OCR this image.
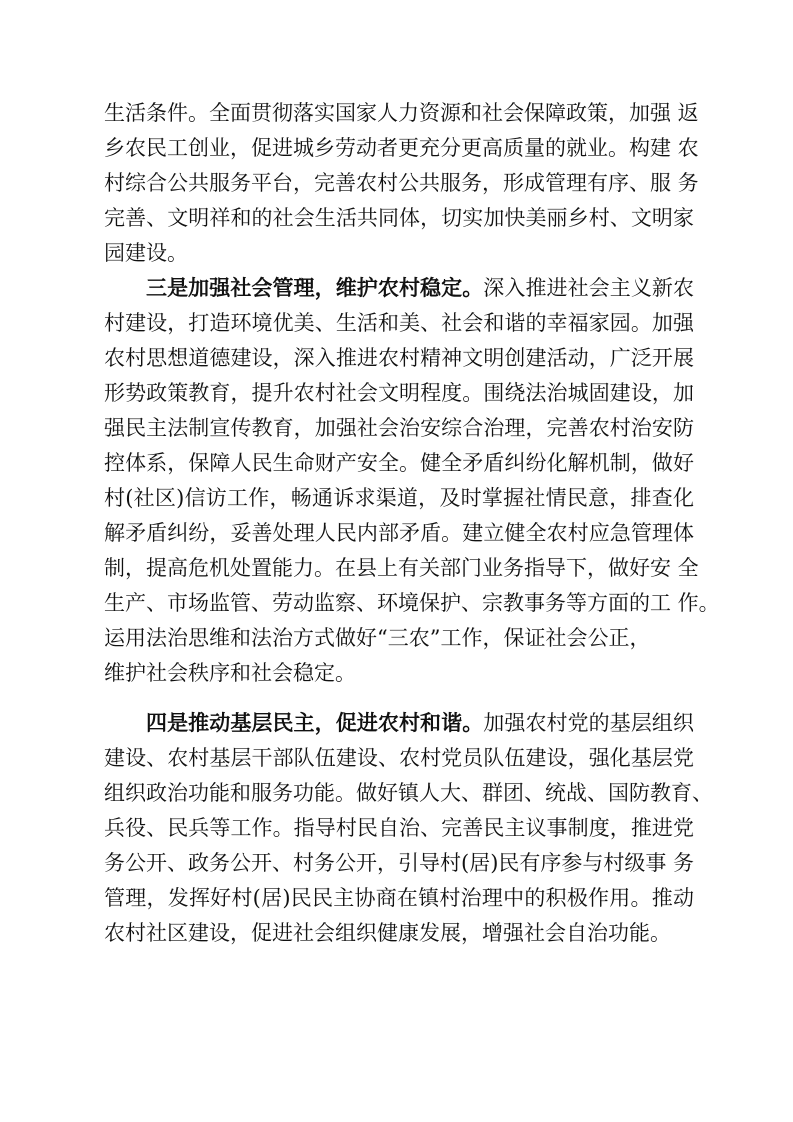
生活条件。全面贯彻落实国家人力资源和社会保障政策，加强 返
乡农民工创业，促进城乡劳动者更充分更高质量的就业。构建 农
村综合公共服务平台，完善农村公共服务，形成管理有序、服 务
完善、文明祥和的社会生活共同体，切实加快美丽乡村、文明家
园建设。
三是加强社会管理，维护农村稳定。深入推进社会主义新农
村建设，打造环境优美、生活和美、社会和谐的幸福家园。加强
农村思想道德建设，深入推进农村精神文明创建活动，广泛开展
形势政策教育，提升农村社会文明程度。围绕法治城固建设，加
强民主法制宣传教育，加强社会治安综合治理，完善农村治安防
控体系，保障人民生命财产安全。健全矛盾纠纷化解机制，做好
村(社区)信访工作，畅通诉求渠道，及时掌握社情民意，排查化
解矛盾纠纷，妥善处理人民内部矛盾。建立健全农村应急管理体
制，提高危机处置能力。在县上有关部门业务指导下，做好安 全
生产、市场监管、劳动监察、环境保护、宗教事务等方面的工 作。
运用法治思维和法治方式做好“三农”工作，保证社会公正，
维护社会秩序和社会稳定。
四是推动基层民主，促进农村和谐。加强农村党的基层组织
建设、农村基层干部队伍建设、农村党员队伍建设，强化基层党
组织政治功能和服务功能。做好镇人大、群团、统战、国防教育、
兵役、民兵等工作。指导村民自治、完善民主议事制度，推进党
务公开、政务公开、村务公开，引导村(居)民有序参与村级事 务
管理，发挥好村(居)民民主协商在镇村治理中的积极作用。推动
农村社区建设，促进社会组织健康发展，增强社会自治功能。
